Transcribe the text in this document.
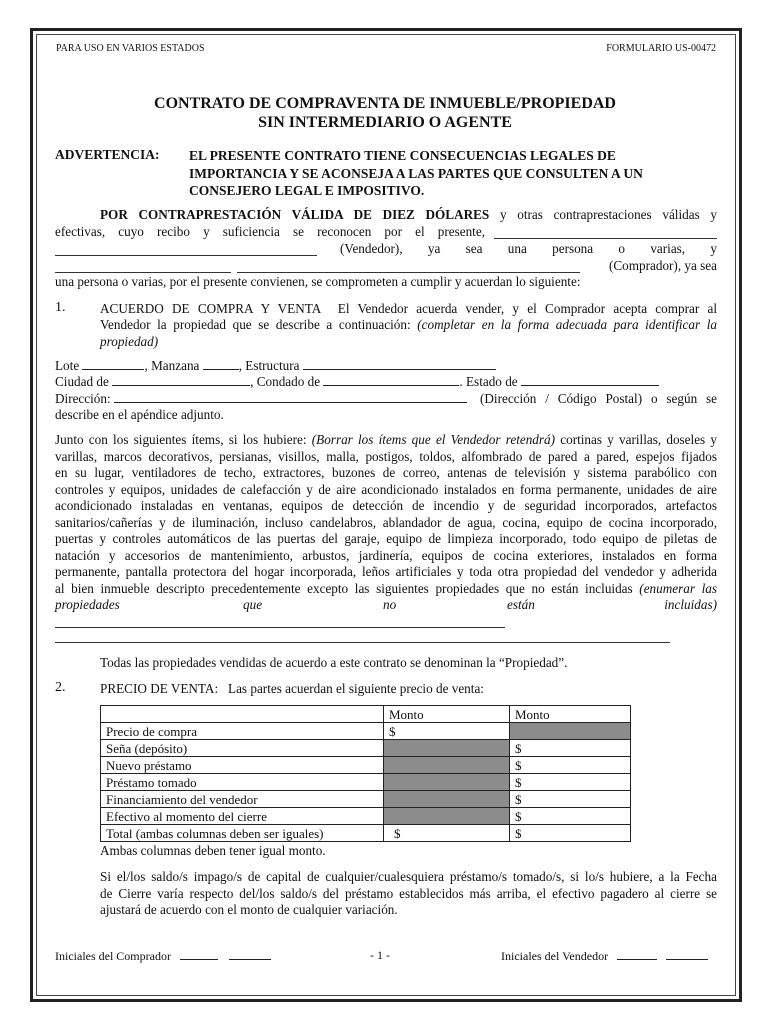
PARA USO EN VARIOS ESTADOS	FORMULARIO US-00472
CONTRATO DE COMPRAVENTA DE INMUEBLE/PROPIEDAD
SIN INTERMEDIARIO O AGENTE
ADVERTENCIA: EL PRESENTE CONTRATO TIENE CONSECUENCIAS LEGALES DE
IMPORTANCIA Y SE ACONSEJA A LAS PARTES QUE CONSULTEN A UN
CONSEJERO LEGAL E IMPOSITIVO.
POR CONTRAPRESTACIÓN VÁLIDA DE DIEZ DÓLARES y otras contraprestaciones válidas y
efectivas, cuyo recibo y suficiencia se reconocen por el presente,
(Vendedor), ya sea una persona o varias, y
(Comprador), ya sea
una persona o varias, por el presente convienen, se comprometen a cumplir y acuerdan lo siguiente:
1.	ACUERDO DE COMPRA Y VENTA El Vendedor acuerda vender, y el Comprador acepta comprar al
Vendedor la propiedad que se describe a continuación: (completar en la forma adecuada para identificar la
propiedad)
Lote	, Manzana	, Estructura
Ciudad de	, Condado de	. Estado de
Dirección:	(Dirección / Código Postal) o según se
describe en el apéndice adjunto.
Junto con los siguientes ítems, si los hubiere: (Borrar los ítems que el Vendedor retendrá) cortinas y varillas, doseles y
varillas, marcos decorativos, persianas, visillos, malla, postigos, toldos, alfombrado de pared a pared, espejos fijados
en su lugar, ventiladores de techo, extractores, buzones de correo, antenas de televisión y sistema parabólico con
controles y equipos, unidades de calefacción y de aire acondicionado instalados en forma permanente, unidades de aire
acondicionado instaladas en ventanas, equipos de detección de incendio y de seguridad incorporados, artefactos
sanitarios/cañerías y de iluminación, incluso candelabros, ablandador de agua, cocina, equipo de cocina incorporado,
puertas y controles automáticos de las puertas del garaje, equipo de limpieza incorporado, todo equipo de piletas de
natación y accesorios de mantenimiento, arbustos, jardinería, equipos de cocina exteriores, instalados en forma
permanente, pantalla protectora del hogar incorporada, leños artificiales y toda otra propiedad del vendedor y adherida
al bien inmueble descripto precedentemente excepto las siguientes propiedades que no están incluidas (enumerar las
propiedades	que	no	están	incluidas)
Todas las propiedades vendidas de acuerdo a este contrato se denominan la “Propiedad”.
2.	PRECIO DE VENTA: Las partes acuerdan el siguiente precio de venta:
	Monto	Monto
Precio de compra	$	
Seña (depósito)		$
Nuevo préstamo		$
Préstamo tomado		$
Financiamiento del vendedor		$
Efectivo al momento del cierre		$
Total (ambas columnas deben ser iguales)	$	$
Ambas columnas deben tener igual monto.
Si el/los saldo/s impago/s de capital de cualquier/cualesquiera préstamo/s tomado/s, si lo/s hubiere, a la Fecha
de Cierre varía respecto del/los saldo/s del préstamo establecidos más arriba, el efectivo pagadero al cierre se
ajustará de acuerdo con el monto de cualquier variación.
Iniciales del Comprador	- 1 -	Iniciales del Vendedor
